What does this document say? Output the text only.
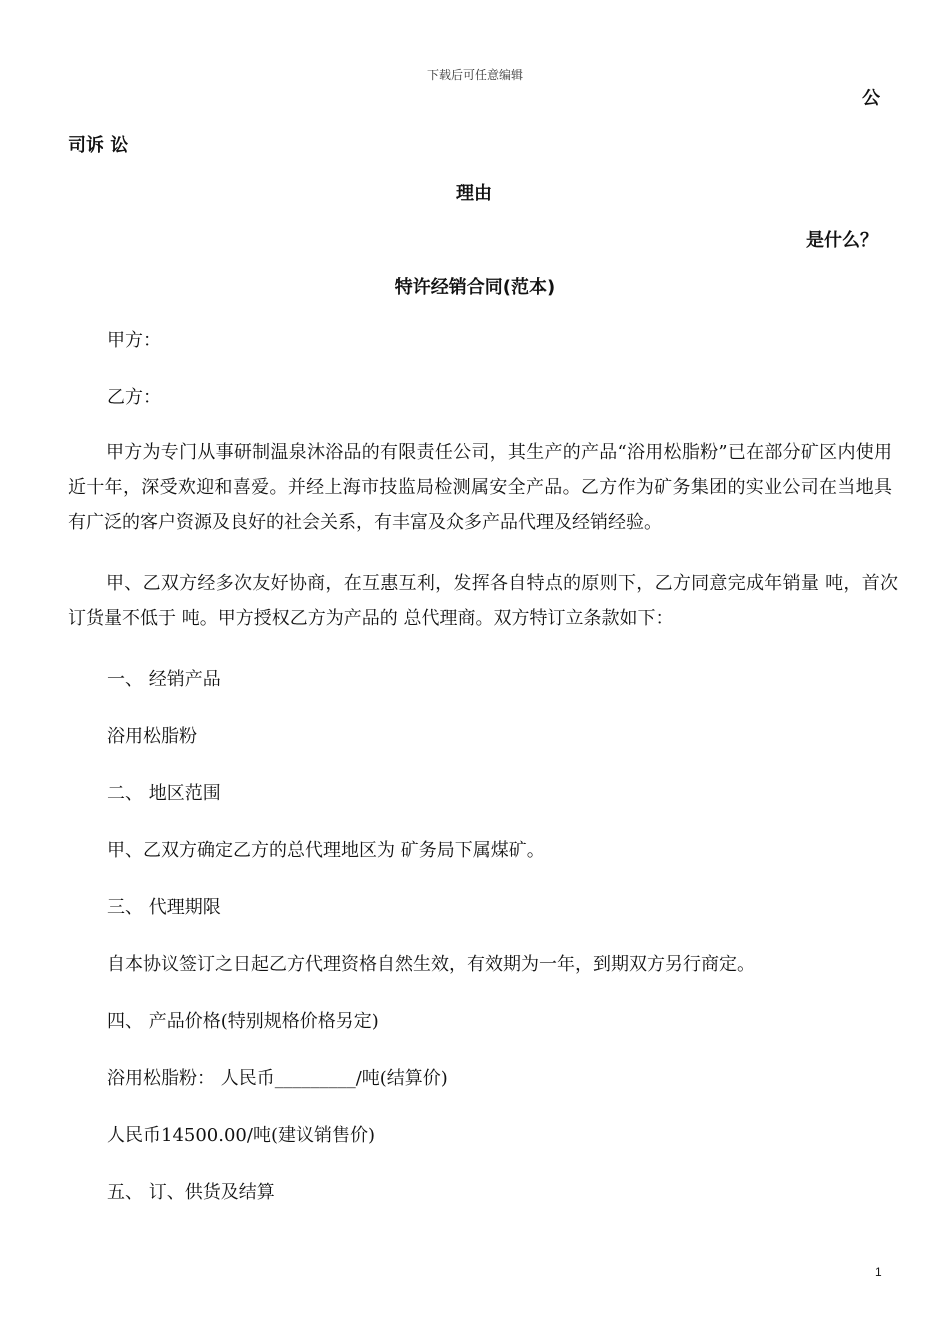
下载后可任意编辑
公
司诉 讼
理由
是什么？
特许经销合同(范本)
甲方：
乙方：
甲方为专门从事研制温泉沐浴品的有限责任公司，其生产的产品“浴用松脂粉”已在部分矿区内使用近十年，深受欢迎和喜爱。并经上海市技监局检测属安全产品。乙方作为矿务集团的实业公司在当地具有广泛的客户资源及良好的社会关系，有丰富及众多产品代理及经销经验。
甲、乙双方经多次友好协商，在互惠互利，发挥各自特点的原则下，乙方同意完成年销量 吨，首次订货量不低于 吨。甲方授权乙方为产品的 总代理商。双方特订立条款如下：
一、 经销产品
浴用松脂粉
二、 地区范围
甲、乙双方确定乙方的总代理地区为 矿务局下属煤矿。
三、 代理期限
自本协议签订之日起乙方代理资格自然生效，有效期为一年，到期双方另行商定。
四、 产品价格(特别规格价格另定)
浴用松脂粉： 人民币_________/吨(结算价)
人民币14500.00/吨(建议销售价)
五、 订、供货及结算
1
